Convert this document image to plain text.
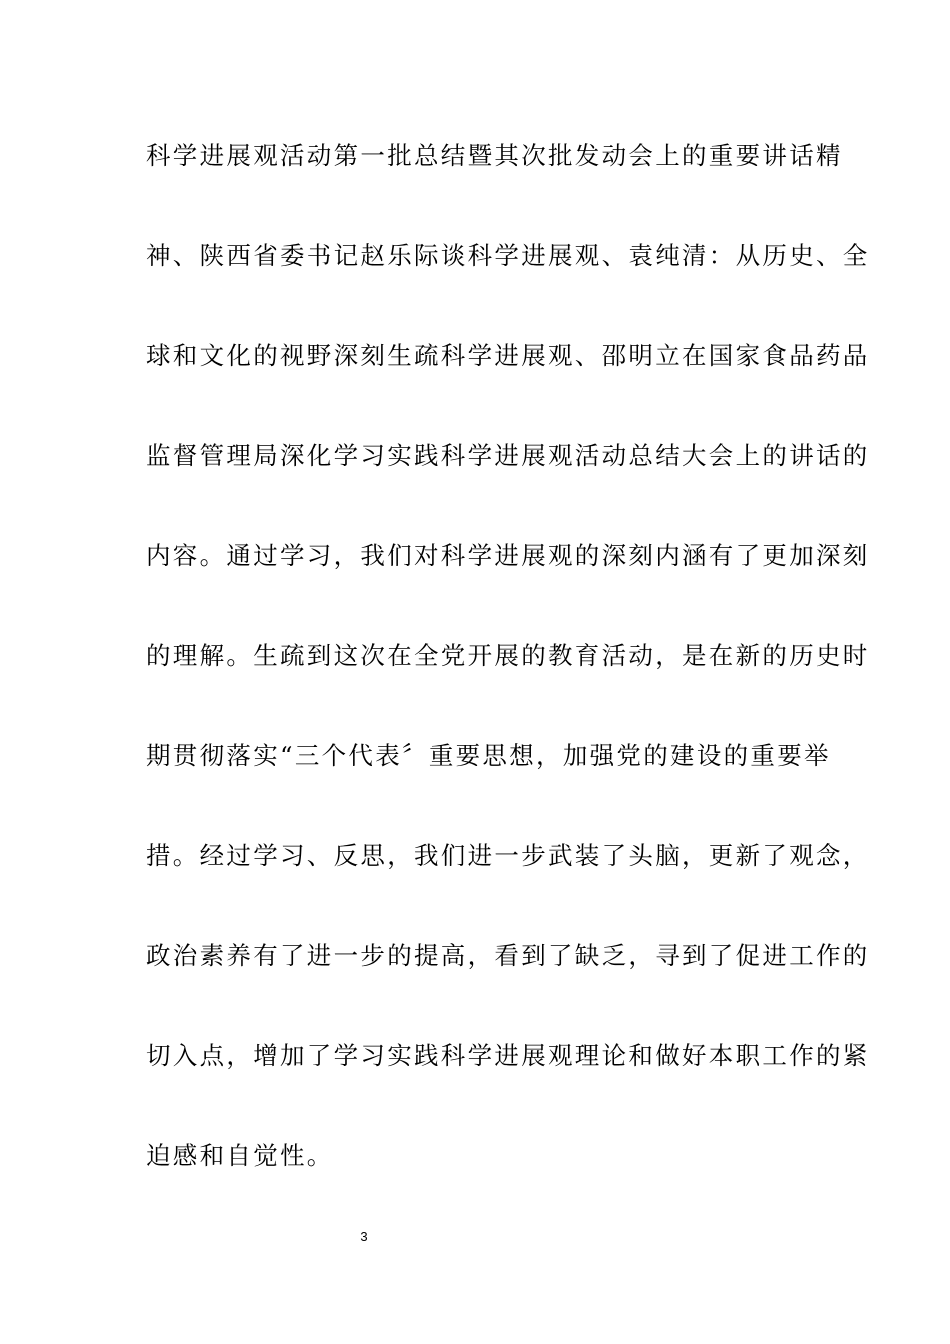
科学进展观活动第一批总结暨其次批发动会上的重要讲话精
神、陕西省委书记赵乐际谈科学进展观、袁纯清：从历史、全
球和文化的视野深刻生疏科学进展观、邵明立在国家食品药品
监督管理局深化学习实践科学进展观活动总结大会上的讲话的
内容。通过学习，我们对科学进展观的深刻内涵有了更加深刻
的理解。生疏到这次在全党开展的教育活动，是在新的历史时
期贯彻落实“三个代表〞重要思想，加强党的建设的重要举
措。经过学习、反思，我们进一步武装了头脑，更新了观念，
政治素养有了进一步的提高，看到了缺乏，寻到了促进工作的
切入点，增加了学习实践科学进展观理论和做好本职工作的紧
迫感和自觉性。
3
